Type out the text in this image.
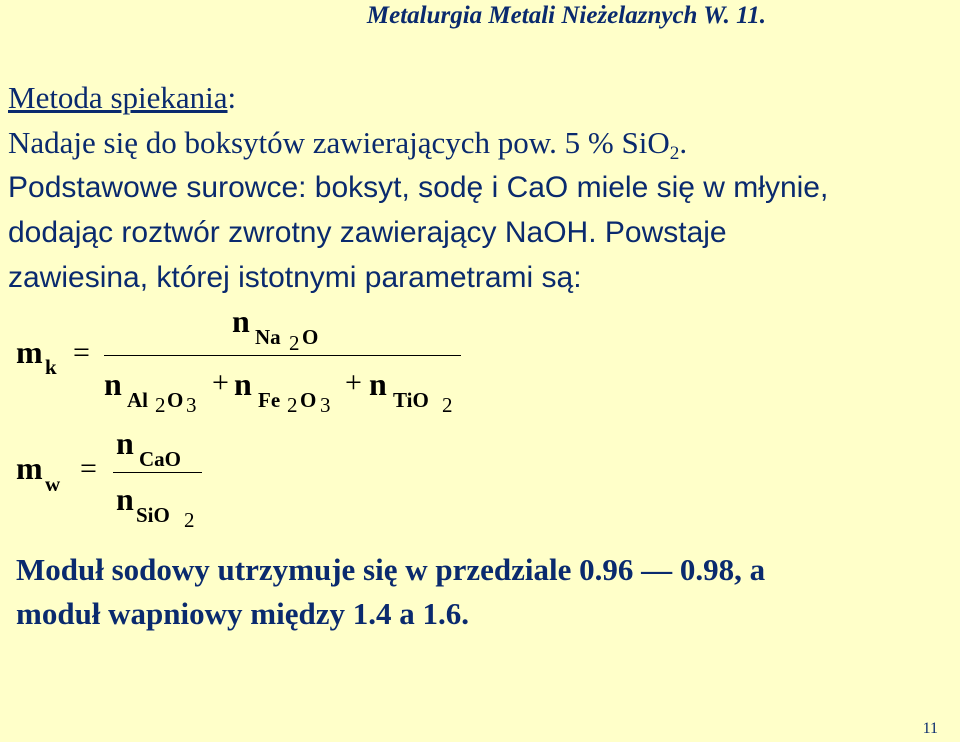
Metalurgia Metali Nieżelaznych W. 11.
Metoda spiekania:
Nadaje się do boksytów zawierających pow. 5 % SiO$_2$.
Podstawowe surowce: boksyt, sodę i CaO miele się w młynie,
dodając roztwór zwrotny zawierający NaOH. Powstaje
zawiesina, której istotnymi parametrami są:
m k =
n Na 2 O
n Al 2 O 3
+ n Fe 2 O 3
+ n TiO 2
m w =
n CaO
n SiO 2
Moduł sodowy utrzymuje się w przedziale 0.96 — 0.98, a
moduł wapniowy między 1.4 a 1.6.
11
